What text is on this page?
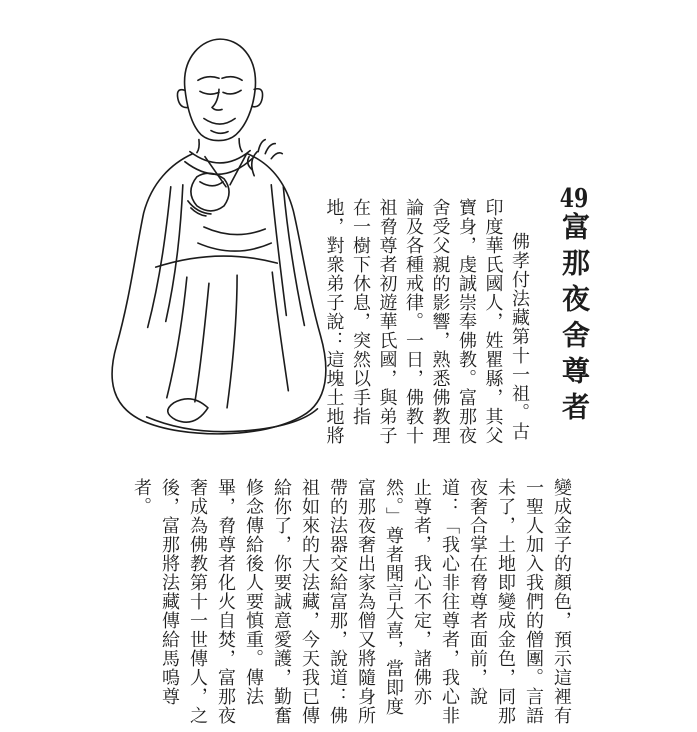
49富那夜舍尊者
佛孝付法藏第十一祖。古
印度華氏國人，姓瞿縣，其父
寶身，虔誠崇奉佛教。富那夜
舍受父親的影響，熟悉佛教理
論及各種戒律。一日，佛教十
祖脅尊者初遊華氏國，與弟子
在一樹下休息，突然以手指
地，對衆弟子說：這塊土地將
變成金子的顏色，預示這裡有
一聖人加入我們的僧團。言語
未了，土地即變成金色，同那
夜奢合掌在脅尊者面前，說
道：「我心非往尊者，我心非
止尊者，我心不定，諸佛亦
然。」尊者聞言大喜，當即度
富那夜奢出家為僧又將隨身所
帶的法器交給富那，說道：佛
祖如來的大法藏，今天我已傳
給你了，你要誠意愛護，勤奮
修念傳給後人要慎重。傳法
畢，脅尊者化火自焚，富那夜
奢成為佛教第十一世傳人，之
後，富那將法藏傳給馬鳴尊
者。
